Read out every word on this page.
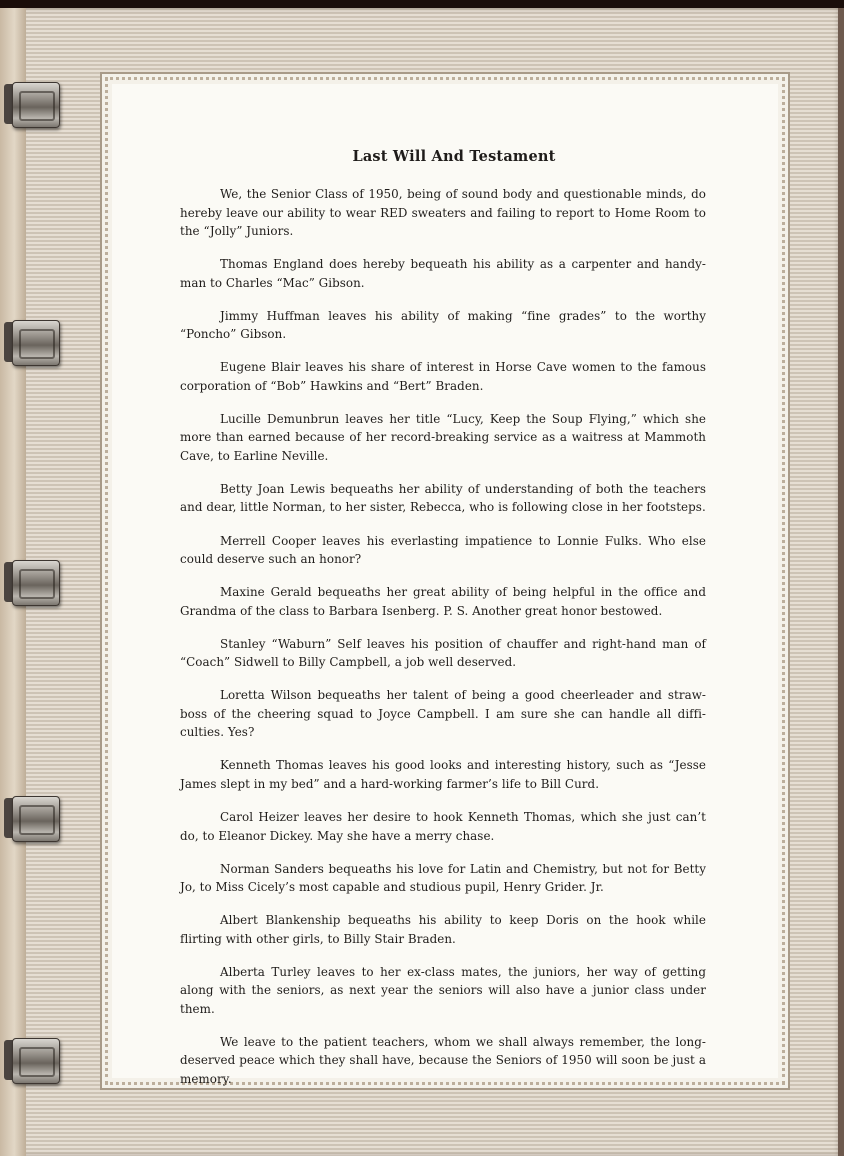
Last Will And Testament

We, the Senior Class of 1950, being of sound body and questionable minds, do hereby leave our ability to wear RED sweaters and failing to report to Home Room to the “Jolly” Juniors.

Thomas England does hereby bequeath his ability as a carpenter and handy-man to Charles “Mac” Gibson.

Jimmy Huffman leaves his ability of making “fine grades” to the worthy “Poncho” Gibson.

Eugene Blair leaves his share of interest in Horse Cave women to the famous corporation of “Bob” Hawkins and “Bert” Braden.

Lucille Demunbrun leaves her title “Lucy, Keep the Soup Flying,” which she more than earned because of her record-breaking service as a waitress at Mammoth Cave, to Earline Neville.

Betty Joan Lewis bequeaths her ability of understanding of both the teachers and dear, little Norman, to her sister, Rebecca, who is following close in her footsteps.

Merrell Cooper leaves his everlasting impatience to Lonnie Fulks. Who else could deserve such an honor?

Maxine Gerald bequeaths her great ability of being helpful in the office and Grandma of the class to Barbara Isenberg. P. S. Another great honor bestowed.

Stanley “Waburn” Self leaves his position of chauffer and right-hand man of “Coach” Sidwell to Billy Campbell, a job well deserved.

Loretta Wilson bequeaths her talent of being a good cheerleader and straw-boss of the cheering squad to Joyce Campbell. I am sure she can handle all diffi-culties. Yes?

Kenneth Thomas leaves his good looks and interesting history, such as “Jesse James slept in my bed” and a hard-working farmer’s life to Bill Curd.

Carol Heizer leaves her desire to hook Kenneth Thomas, which she just can’t do, to Eleanor Dickey. May she have a merry chase.

Norman Sanders bequeaths his love for Latin and Chemistry, but not for Betty Jo, to Miss Cicely’s most capable and studious pupil, Henry Grider. Jr.

Albert Blankenship bequeaths his ability to keep Doris on the hook while flirting with other girls, to Billy Stair Braden.

Alberta Turley leaves to her ex-class mates, the juniors, her way of getting along with the seniors, as next year the seniors will also have a junior class under them.

We leave to the patient teachers, whom we shall always remember, the long-deserved peace which they shall have, because the Seniors of 1950 will soon be just a memory.
